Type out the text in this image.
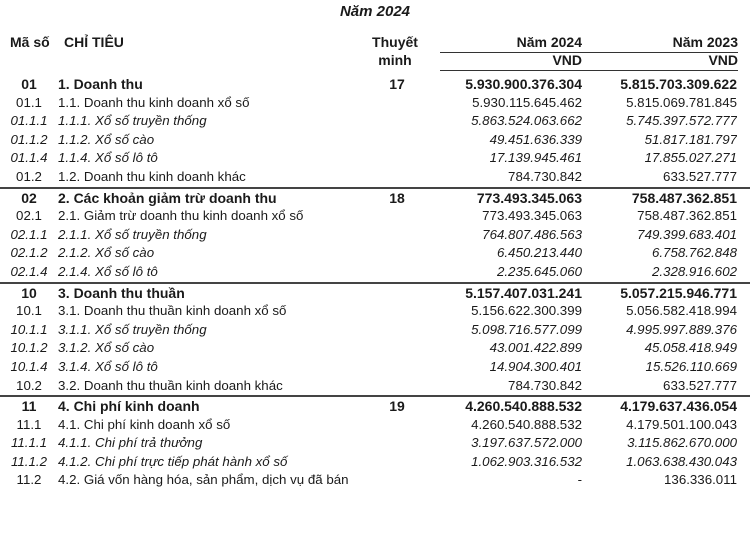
Năm 2024
Mã số CHỈ TIÊU	Thuyết
minh
Năm 2024	Năm 2023
VND	VND
01	1. Doanh thu	17	5.930.900.376.304	5.815.703.309.622	
01.1	1.1. Doanh thu kinh doanh xổ số		5.930.115.645.462	5.815.069.781.845	
01.1.1	1.1.1. Xổ số truyền thống		5.863.524.063.662	5.745.397.572.777	
01.1.2	1.1.2. Xổ số cào		49.451.636.339	51.817.181.797	
01.1.4	1.1.4. Xổ số lô tô		17.139.945.461	17.855.027.271	
01.2	1.2. Doanh thu kinh doanh khác		784.730.842	633.527.777	
02	2. Các khoản giảm trừ doanh thu	18	773.493.345.063	758.487.362.851	
02.1	2.1. Giảm trừ doanh thu kinh doanh xổ số		773.493.345.063	758.487.362.851	
02.1.1	2.1.1. Xổ số truyền thống		764.807.486.563	749.399.683.401	
02.1.2	2.1.2. Xổ số cào		6.450.213.440	6.758.762.848	
02.1.4	2.1.4. Xổ số lô tô		2.235.645.060	2.328.916.602	
10	3. Doanh thu thuần		5.157.407.031.241	5.057.215.946.771	
10.1	3.1. Doanh thu thuần kinh doanh xổ số		5.156.622.300.399	5.056.582.418.994	
10.1.1	3.1.1. Xổ số truyền thống		5.098.716.577.099	4.995.997.889.376	
10.1.2	3.1.2. Xổ số cào		43.001.422.899	45.058.418.949	
10.1.4	3.1.4. Xổ số lô tô		14.904.300.401	15.526.110.669	
10.2	3.2. Doanh thu thuần kinh doanh khác		784.730.842	633.527.777	
11	4. Chi phí kinh doanh	19	4.260.540.888.532	4.179.637.436.054	
11.1	4.1. Chi phí kinh doanh xổ số		4.260.540.888.532	4.179.501.100.043	
11.1.1	4.1.1. Chi phí trả thưởng		3.197.637.572.000	3.115.862.670.000	
11.1.2	4.1.2. Chi phí trực tiếp phát hành xổ số		1.062.903.316.532	1.063.638.430.043	
11.2	4.2. Giá vốn hàng hóa, sản phẩm, dịch vụ đã bán		-	136.336.011	
